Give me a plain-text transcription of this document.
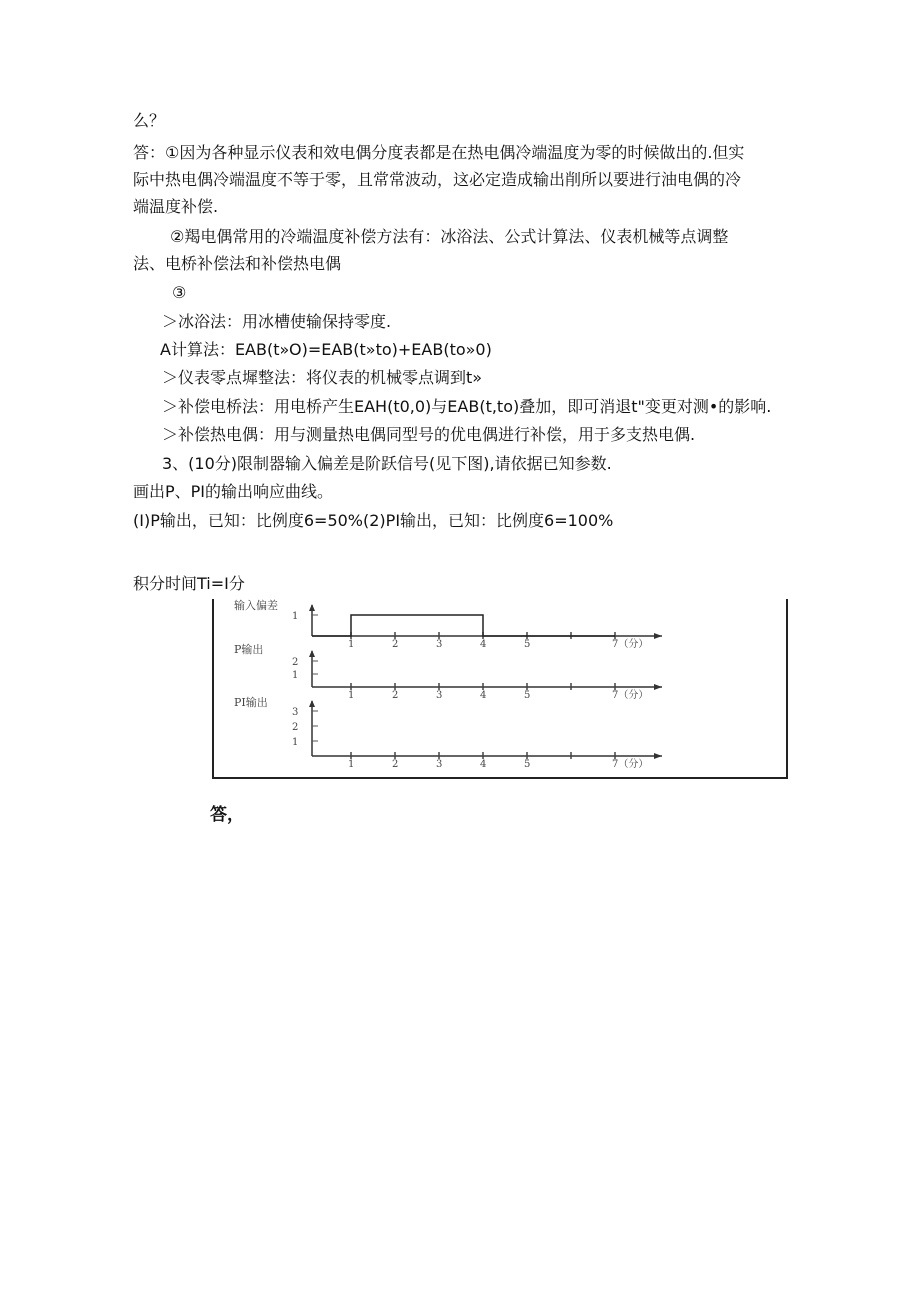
么？
答：①因为各种显示仪表和效电偶分度表都是在热电偶冷端温度为零的时候做出的.但实
际中热电偶冷端温度不等于零，且常常波动，这必定造成输出削所以要进行油电偶的冷
端温度补偿.
②羯电偶常用的冷端温度补偿方法有：冰浴法、公式计算法、仪表机械等点调整
法、电桥补偿法和补偿热电偶
③
＞冰浴法：用冰槽使输保持零度.
A计算法：EAB(t»O)=EAB(t»to)+EAB(to»0)
＞仪表零点墀整法：将仪表的机械零点调到t»
＞补偿电桥法：用电桥产生EAH(t0,0)与EAB(t,to)叠加，即可消退t"变更对测•的影响.
＞补偿热电偶：用与测量热电偶同型号的优电偶进行补偿，用于多支热电偶.
3、(10分)限制器输入偏差是阶跃信号(见下图),请依据已知参数.
画出P、PI的输出响应曲线。
(I)P输出，已知：比例度6=50%(2)PI输出，已知：比例度6=100%
积分时间Ti=I分
输入偏差
1
1	2	3	4	5	7（分）
P输出
1
2
1	2	3	4	5	7（分）
PI输出
1
2
3
1	2	3	4	5	7（分）
答，
